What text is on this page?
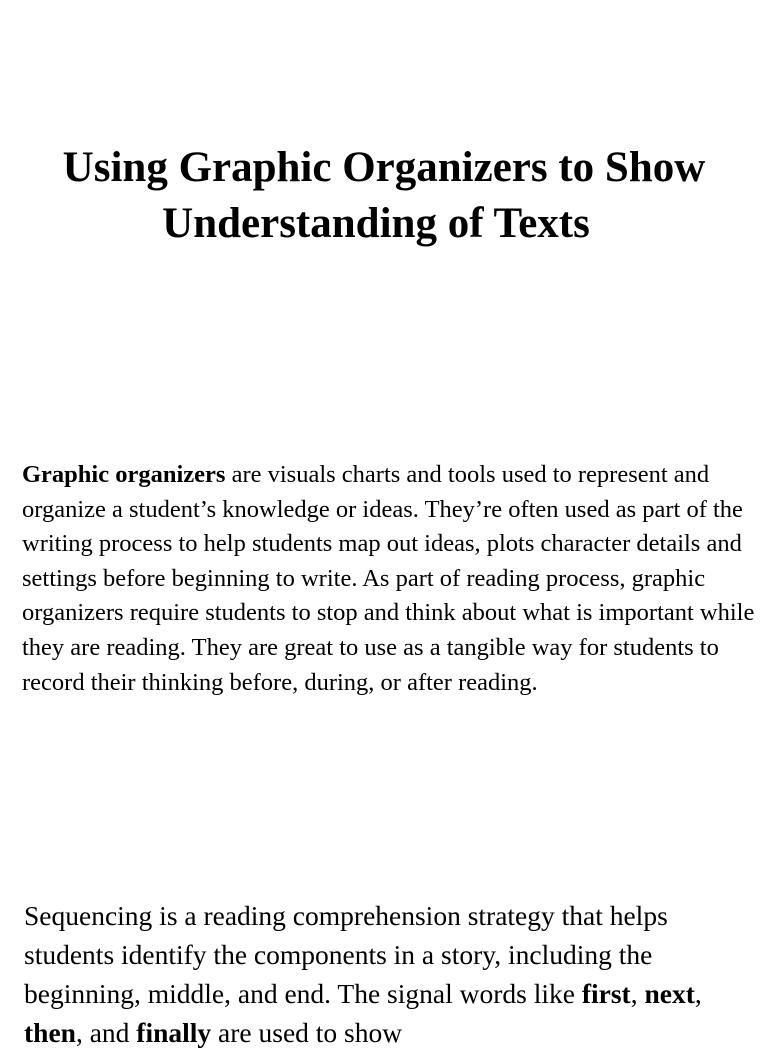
Using Graphic Organizers to Show
Understanding of Texts

Graphic organizers are visuals charts and tools used to represent and organize a student’s knowledge or ideas. They’re often used as part of the writing process to help students map out ideas, plots character details and settings before beginning to write. As part of reading process, graphic organizers require students to stop and think about what is important while they are reading. They are great to use as a tangible way for students to record their thinking before, during, or after reading.

Sequencing is a reading comprehension strategy that helps students identify the components in a story, including the beginning, middle, and end. The signal words like first, next, then, and finally are used to show
